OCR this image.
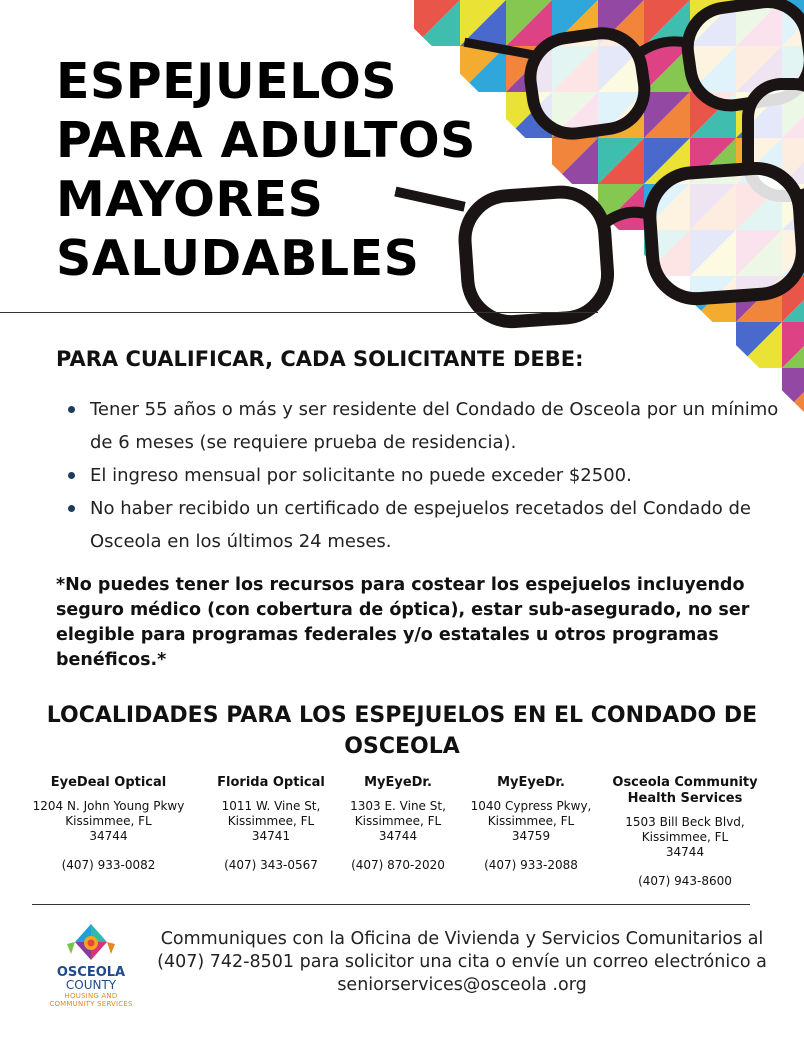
ESPEJUELOS
PARA ADULTOS
MAYORES
SALUDABLES
PARA CUALIFICAR, CADA SOLICITANTE DEBE:
Tener 55 años o más y ser residente del Condado de Osceola por un mínimo de 6 meses (se requiere prueba de residencia).
El ingreso mensual por solicitante no puede exceder $2500.
No haber recibido un certificado de espejuelos recetados del Condado de Osceola en los últimos 24 meses.

*No puedes tener los recursos para costear los espejuelos incluyendo seguro médico (con cobertura de óptica), estar sub-asegurado, no ser elegible para programas federales y/o estatales u otros programas benéficos.*

LOCALIDADES PARA LOS ESPEJUELOS EN EL CONDADO DE OSCEOLA
EyeDeal Optical
1204 N. John Young Pkwy
Kissimmee, FL
34744
(407) 933-0082
Florida Optical
1011 W. Vine St,
Kissimmee, FL
34741
(407) 343-0567
MyEyeDr.
1303 E. Vine St,
Kissimmee, FL
34744
(407) 870-2020
MyEyeDr.
1040 Cypress Pkwy,
Kissimmee, FL
34759
(407) 933-2088
Osceola Community
Health Services
1503 Bill Beck Blvd,
Kissimmee, FL
34744
(407) 943-8600
OSCEOLA
COUNTY
HOUSING AND
COMMUNITY SERVICES

Communiques con la Oficina de Vivienda y Servicios Comunitarios al (407) 742-8501 para solicitor una cita o envíe un correo electrónico a seniorservices@osceola .org
